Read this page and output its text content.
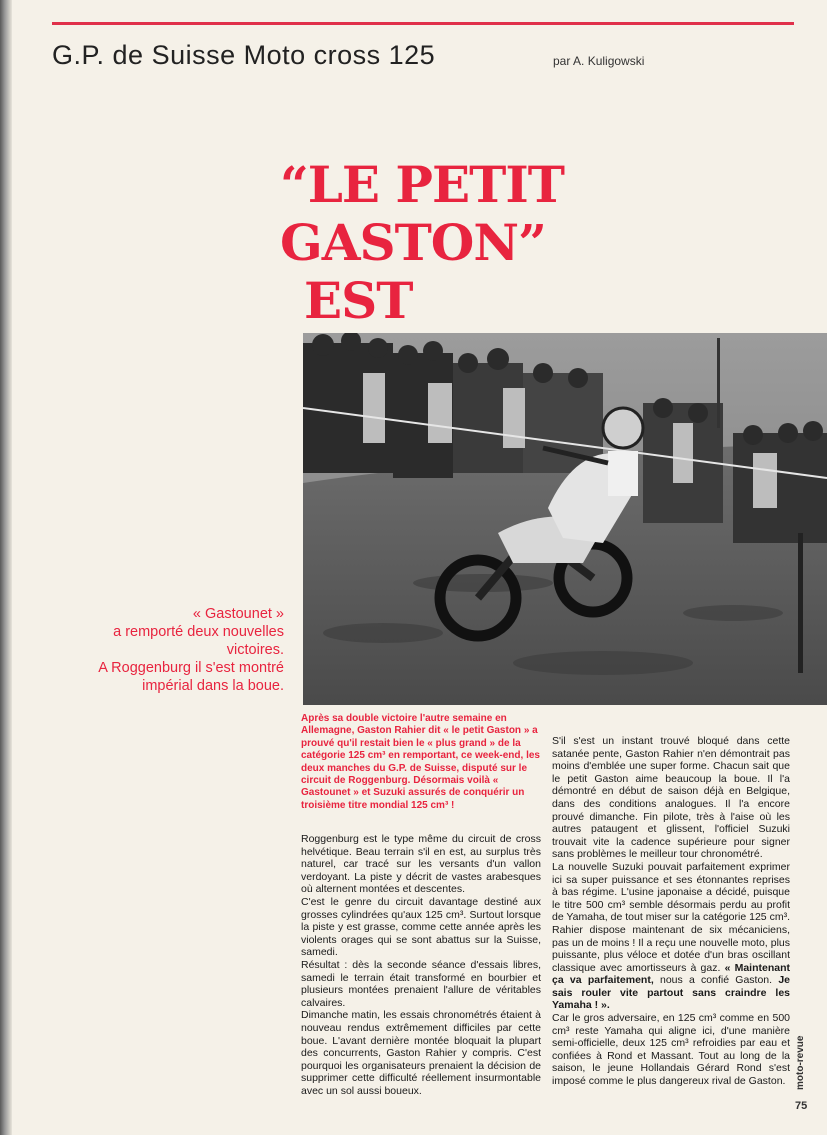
G.P. de Suisse Moto cross 125	par A. Kuligowski
“LE PETIT GASTON”
EST
« Gastounet »
a remporté deux nouvelles
victoires.
A Roggenburg il s'est montré
impérial dans la boue.
Après sa double victoire l'autre semaine en Allemagne, Gaston Rahier dit « le petit Gaston » a prouvé qu'il restait bien le « plus grand » de la catégorie 125 cm³ en remportant, ce week-end, les deux manches du G.P. de Suisse, disputé sur le circuit de Roggenburg. Désormais voilà « Gastounet » et Suzuki assurés de conquérir un troisième titre mondial 125 cm³ !

Roggenburg est le type même du circuit de cross helvétique. Beau terrain s'il en est, au surplus très naturel, car tracé sur les versants d'un vallon verdoyant. La piste y décrit de vastes arabesques où alternent montées et descentes.

C'est le genre du circuit davantage destiné aux grosses cylindrées qu'aux 125 cm³. Surtout lorsque la piste y est grasse, comme cette année après les violents orages qui se sont abattus sur la Suisse, samedi.

Résultat : dès la seconde séance d'essais libres, samedi le terrain était transformé en bourbier et plusieurs montées prenaient l'allure de véritables calvaires.

Dimanche matin, les essais chronométrés étaient à nouveau rendus extrêmement difficiles par cette boue. L'avant dernière montée bloquait la plupart des concurrents, Gaston Rahier y compris. C'est pourquoi les organisateurs prenaient la décision de supprimer cette difficulté réellement insurmontable avec un sol aussi boueux.

S'il s'est un instant trouvé bloqué dans cette satanée pente, Gaston Rahier n'en démontrait pas moins d'emblée une super forme. Chacun sait que le petit Gaston aime beaucoup la boue. Il l'a démontré en début de saison déjà en Belgique, dans des conditions analogues. Il l'a encore prouvé dimanche. Fin pilote, très à l'aise où les autres pataugent et glissent, l'officiel Suzuki trouvait vite la cadence supérieure pour signer sans problèmes le meilleur tour chronométré.

La nouvelle Suzuki pouvait parfaitement exprimer ici sa super puissance et ses étonnantes reprises à bas régime. L'usine japonaise a décidé, puisque le titre 500 cm³ semble désormais perdu au profit de Yamaha, de tout miser sur la catégorie 125 cm³. Rahier dispose maintenant de six mécaniciens, pas un de moins ! Il a reçu une nouvelle moto, plus puissante, plus véloce et dotée d'un bras oscillant classique avec amortisseurs à gaz. « Maintenant ça va parfaitement, nous a confié Gaston. Je sais rouler vite partout sans craindre les Yamaha ! ».

Car le gros adversaire, en 125 cm³ comme en 500 cm³ reste Yamaha qui aligne ici, d'une manière semi-officielle, deux 125 cm³ refroidies par eau et confiées à Rond et Massant. Tout au long de la saison, le jeune Hollandais Gérard Rond s'est imposé comme le plus dangereux rival de Gaston. moto-revue
75
